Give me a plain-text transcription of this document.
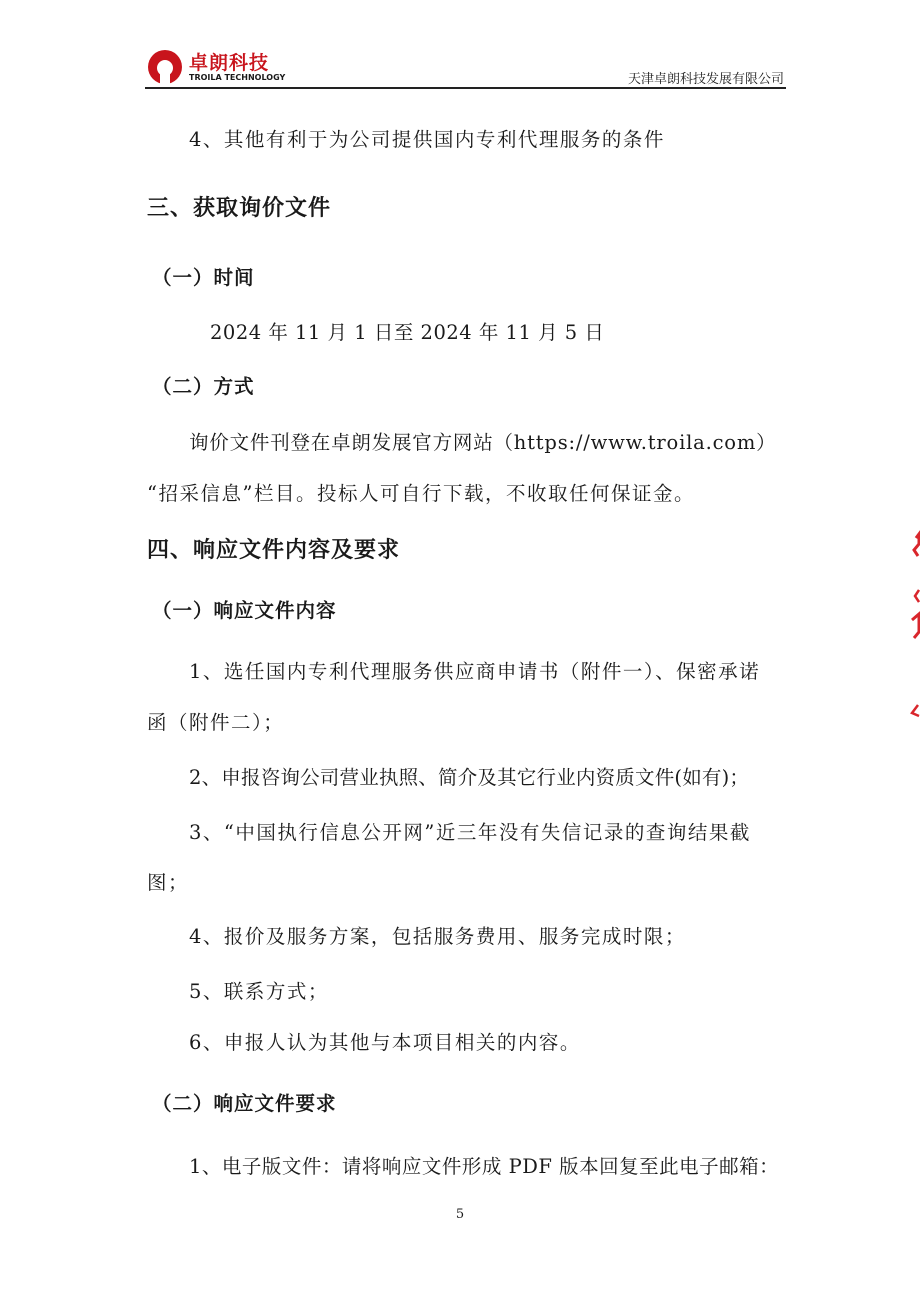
卓朗科技
TROILA TECHNOLOGY	天津卓朗科技发展有限公司
4、其他有利于为公司提供国内专利代理服务的条件
三、获取询价文件
（一）时间
2024 年 11 月 1 日至 2024 年 11 月 5 日
（二）方式
询价文件刊登在卓朗发展官方网站（https://www.troila.com）
“招采信息”栏目。投标人可自行下载，不收取任何保证金。
四、响应文件内容及要求
（一）响应文件内容
1、选任国内专利代理服务供应商申请书（附件一）、保密承诺
函（附件二）；
2、申报咨询公司营业执照、简介及其它行业内资质文件(如有)；
3、“中国执行信息公开网”近三年没有失信记录的查询结果截
图；
4、报价及服务方案，包括服务费用、服务完成时限；
5、联系方式；
6、申报人认为其他与本项目相关的内容。
（二）响应文件要求
1、电子版文件：请将响应文件形成 PDF 版本回复至此电子邮箱：
5
